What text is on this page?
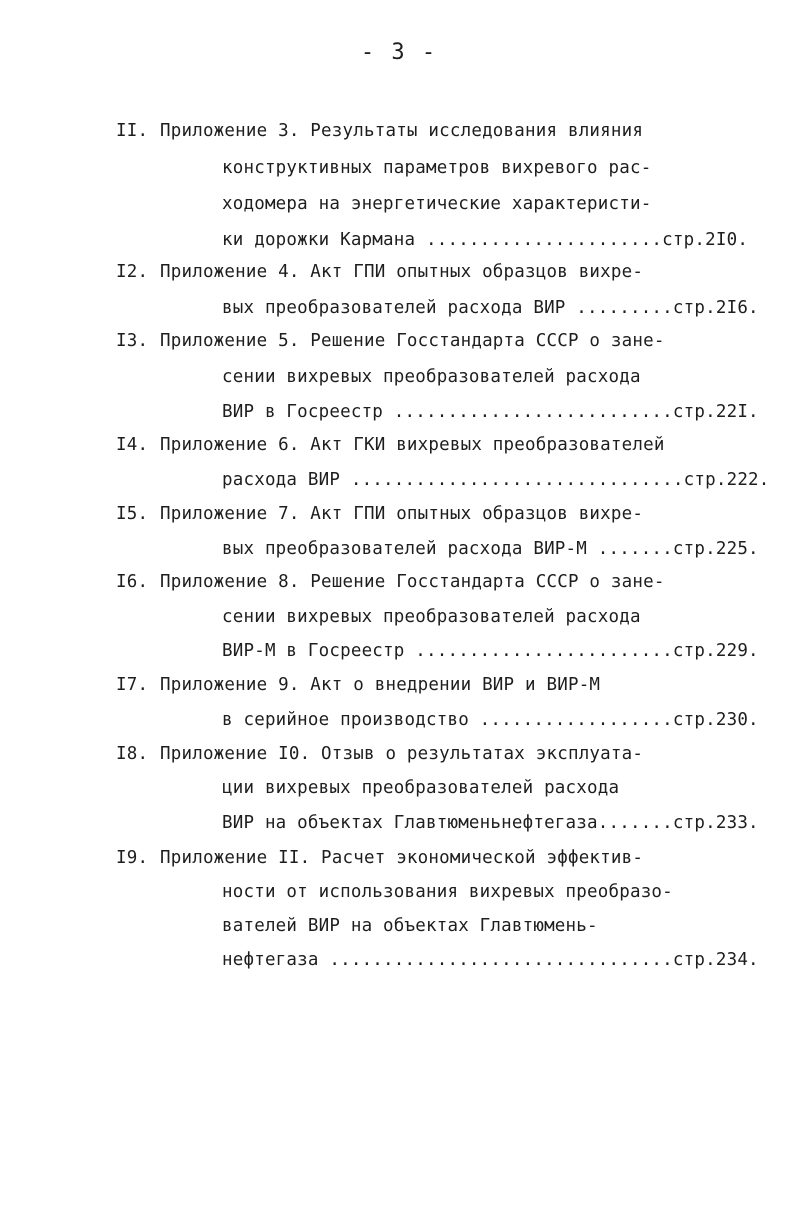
- 3 -
II. Приложение 3. Результаты исследования влияния
конструктивных параметров вихревого рас-
ходомера на энергетические характеристи-
ки дорожки Кармана ......................стр.2I0.
I2. Приложение 4. Акт ГПИ опытных образцов вихре-
вых преобразователей расхода ВИР .........стр.2I6.
I3. Приложение 5. Решение Госстандарта СССР о зане-
сении вихревых преобразователей расхода
ВИР в Госреестр ..........................стр.22I.
I4. Приложение 6. Акт ГКИ вихревых преобразователей
расхода ВИР ...............................стр.222.
I5. Приложение 7. Акт ГПИ опытных образцов вихре-
вых преобразователей расхода ВИР-М .......стр.225.
I6. Приложение 8. Решение Госстандарта СССР о зане-
сении вихревых преобразователей расхода
ВИР-М в Госреестр ........................стр.229.
I7. Приложение 9. Акт о внедрении ВИР и ВИР-М
в серийное производство ..................стр.230.
I8. Приложение I0. Отзыв о результатах эксплуата-
ции вихревых преобразователей расхода
ВИР на объектах Главтюменьнефтегаза.......стр.233.
I9. Приложение II. Расчет экономической эффектив-
ности от использования вихревых преобразо-
вателей ВИР на объектах Главтюмень-
нефтегаза ................................стр.234.
